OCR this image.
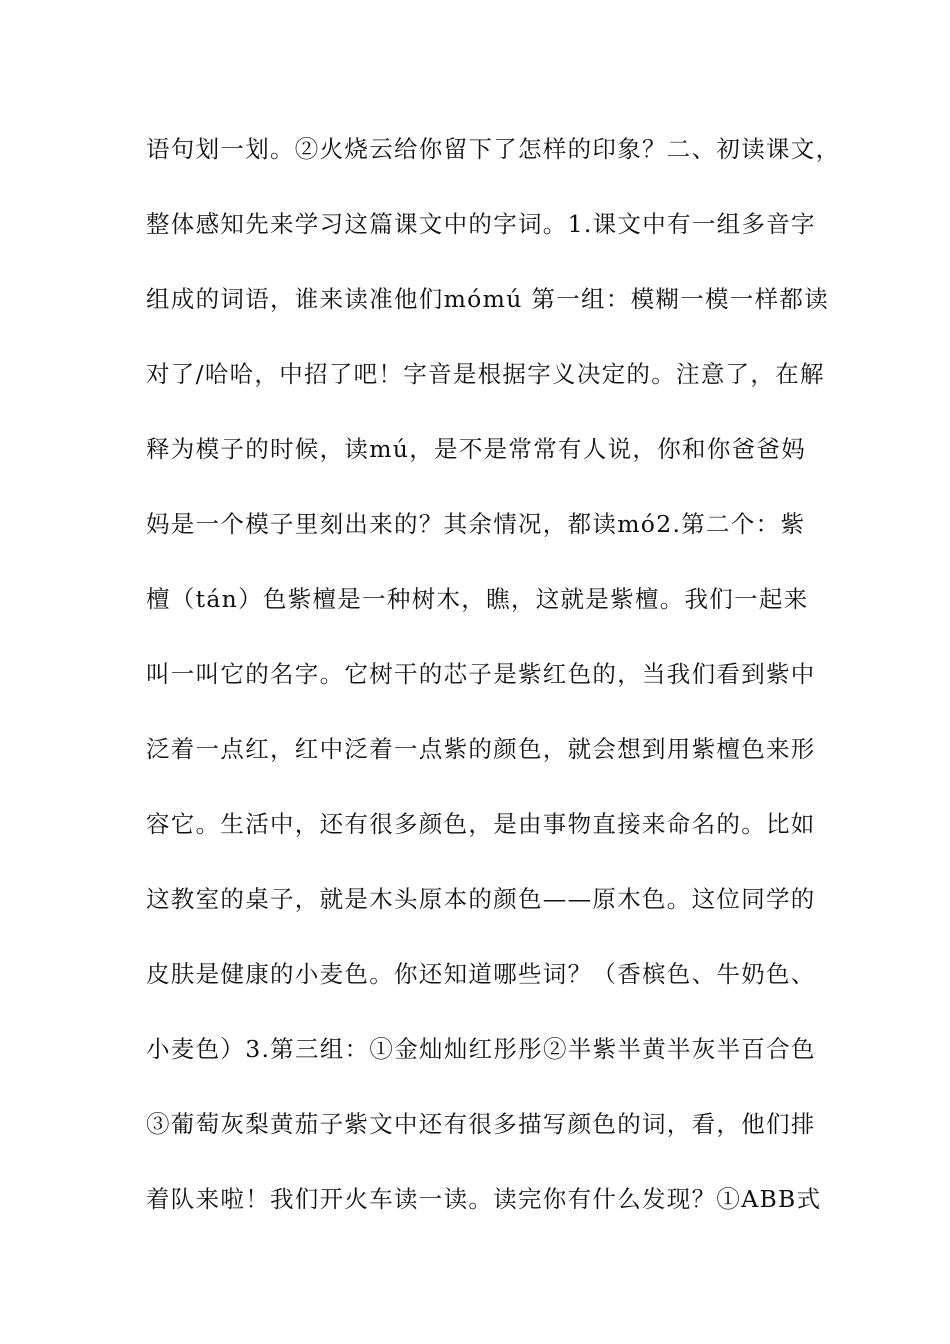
语句划一划。②火烧云给你留下了怎样的印象？二、初读课文，
整体感知先来学习这篇课文中的字词。1.课文中有一组多音字
组成的词语，谁来读准他们mómú 第一组：模糊一模一样都读
对了/哈哈，中招了吧！字音是根据字义决定的。注意了，在解
释为模子的时候，读mú，是不是常常有人说，你和你爸爸妈
妈是一个模子里刻出来的？其余情况，都读mó2.第二个：紫
檀（tán）色紫檀是一种树木，瞧，这就是紫檀。我们一起来
叫一叫它的名字。它树干的芯子是紫红色的，当我们看到紫中
泛着一点红，红中泛着一点紫的颜色，就会想到用紫檀色来形
容它。生活中，还有很多颜色，是由事物直接来命名的。比如
这教室的桌子，就是木头原本的颜色——原木色。这位同学的
皮肤是健康的小麦色。你还知道哪些词？（香槟色、牛奶色、
小麦色）3.第三组：①金灿灿红彤彤②半紫半黄半灰半百合色
③葡萄灰梨黄茄子紫文中还有很多描写颜色的词，看，他们排
着队来啦！我们开火车读一读。读完你有什么发现？①ABB式
